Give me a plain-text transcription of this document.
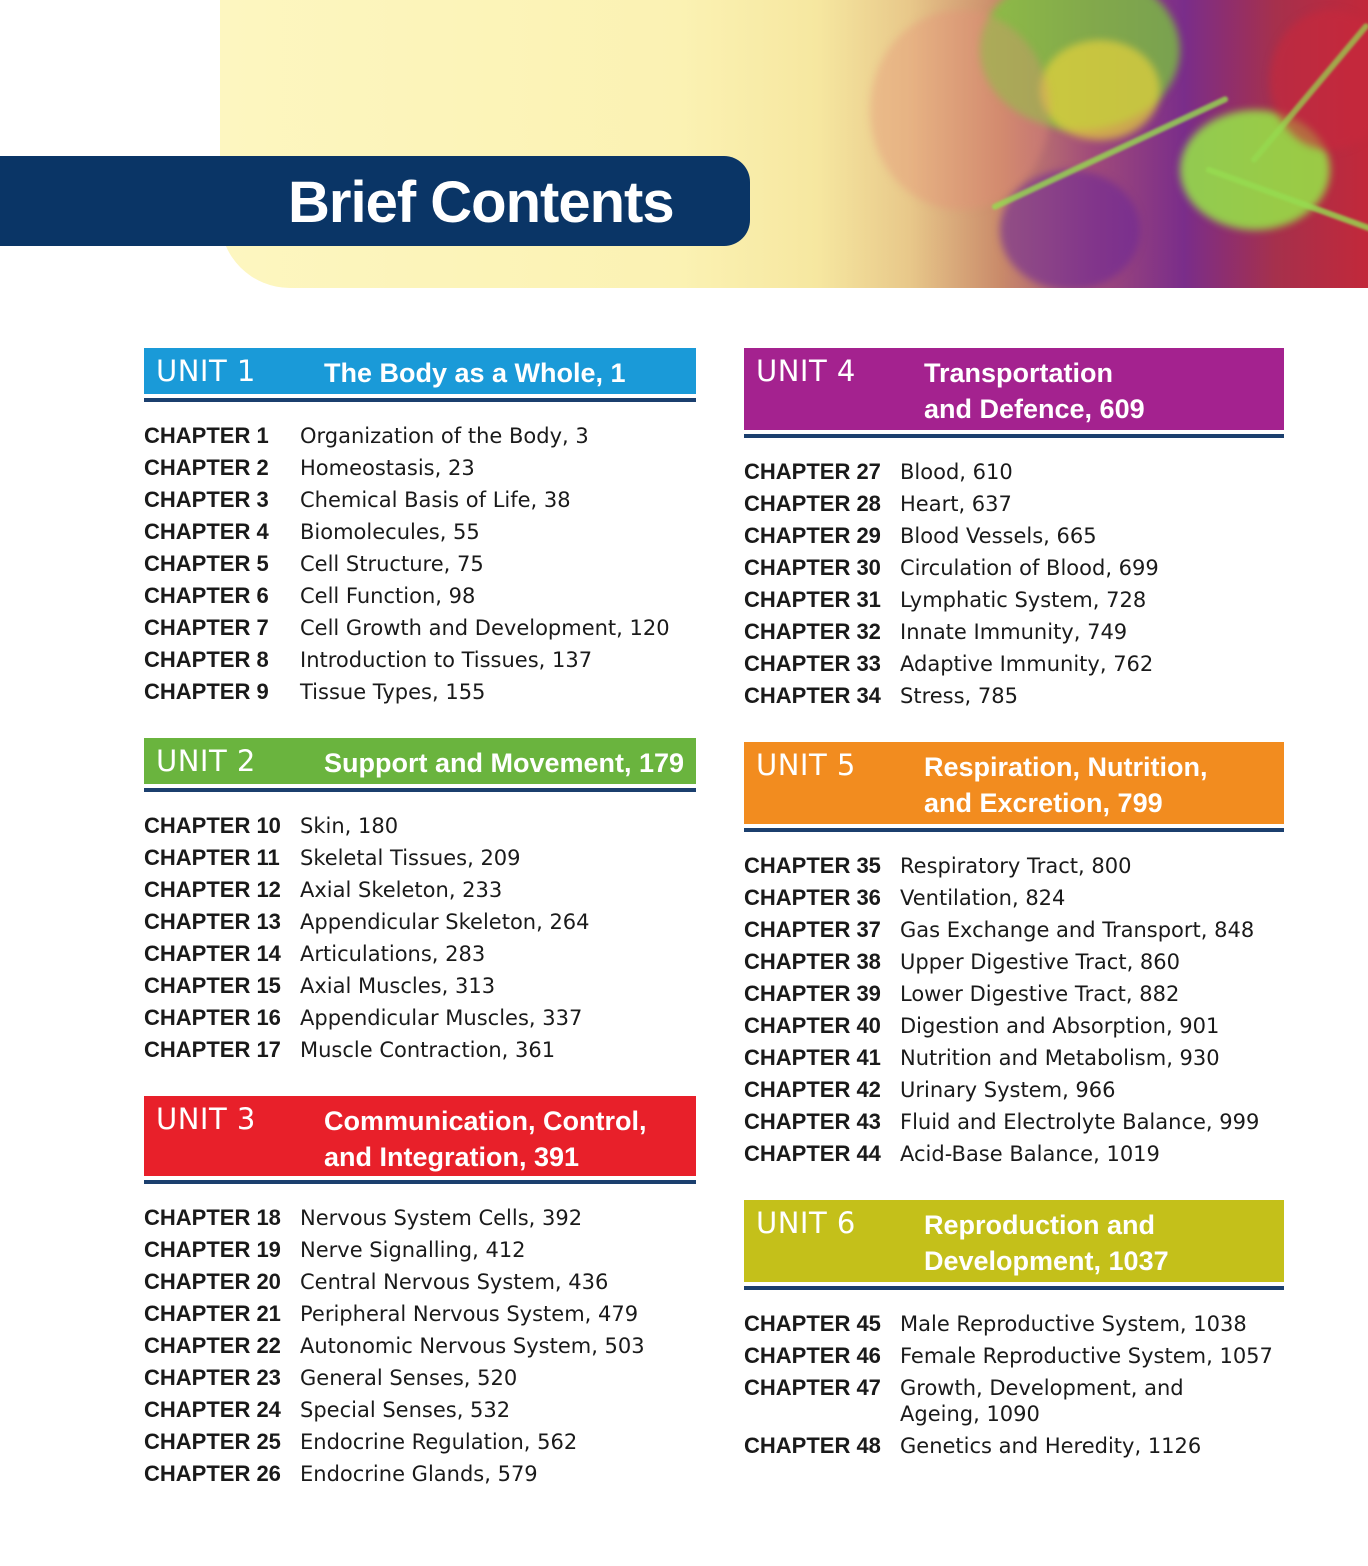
Brief Contents
UNIT 1	The Body as a Whole, 1
CHAPTER 1	Organization of the Body, 3
CHAPTER 2	Homeostasis, 23
CHAPTER 3	Chemical Basis of Life, 38
CHAPTER 4	Biomolecules, 55
CHAPTER 5	Cell Structure, 75
CHAPTER 6	Cell Function, 98
CHAPTER 7	Cell Growth and Development, 120
CHAPTER 8	Introduction to Tissues, 137
CHAPTER 9	Tissue Types, 155
UNIT 2	Support and Movement, 179
CHAPTER 10 Skin, 180
CHAPTER 11 Skeletal Tissues, 209
CHAPTER 12 Axial Skeleton, 233
CHAPTER 13 Appendicular Skeleton, 264
CHAPTER 14 Articulations, 283
CHAPTER 15 Axial Muscles, 313
CHAPTER 16 Appendicular Muscles, 337
CHAPTER 17 Muscle Contraction, 361
UNIT 3	Communication, Control,
and Integration, 391
CHAPTER 18 Nervous System Cells, 392
CHAPTER 19 Nerve Signalling, 412
CHAPTER 20 Central Nervous System, 436
CHAPTER 21 Peripheral Nervous System, 479
CHAPTER 22 Autonomic Nervous System, 503
CHAPTER 23 General Senses, 520
CHAPTER 24 Special Senses, 532
CHAPTER 25 Endocrine Regulation, 562
CHAPTER 26 Endocrine Glands, 579
UNIT 4	Transportation
and Defence, 609
CHAPTER 27 Blood, 610
CHAPTER 28 Heart, 637
CHAPTER 29 Blood Vessels, 665
CHAPTER 30 Circulation of Blood, 699
CHAPTER 31 Lymphatic System, 728
CHAPTER 32 Innate Immunity, 749
CHAPTER 33 Adaptive Immunity, 762
CHAPTER 34 Stress, 785
UNIT 5	Respiration, Nutrition,
and Excretion, 799
CHAPTER 35 Respiratory Tract, 800
CHAPTER 36 Ventilation, 824
CHAPTER 37 Gas Exchange and Transport, 848
CHAPTER 38 Upper Digestive Tract, 860
CHAPTER 39 Lower Digestive Tract, 882
CHAPTER 40 Digestion and Absorption, 901
CHAPTER 41 Nutrition and Metabolism, 930
CHAPTER 42 Urinary System, 966
CHAPTER 43 Fluid and Electrolyte Balance, 999
CHAPTER 44 Acid-Base Balance, 1019
UNIT 6	Reproduction and
Development, 1037
CHAPTER 45 Male Reproductive System, 1038
CHAPTER 46 Female Reproductive System, 1057
CHAPTER 47 Growth, Development, and
Ageing, 1090
CHAPTER 48 Genetics and Heredity, 1126
